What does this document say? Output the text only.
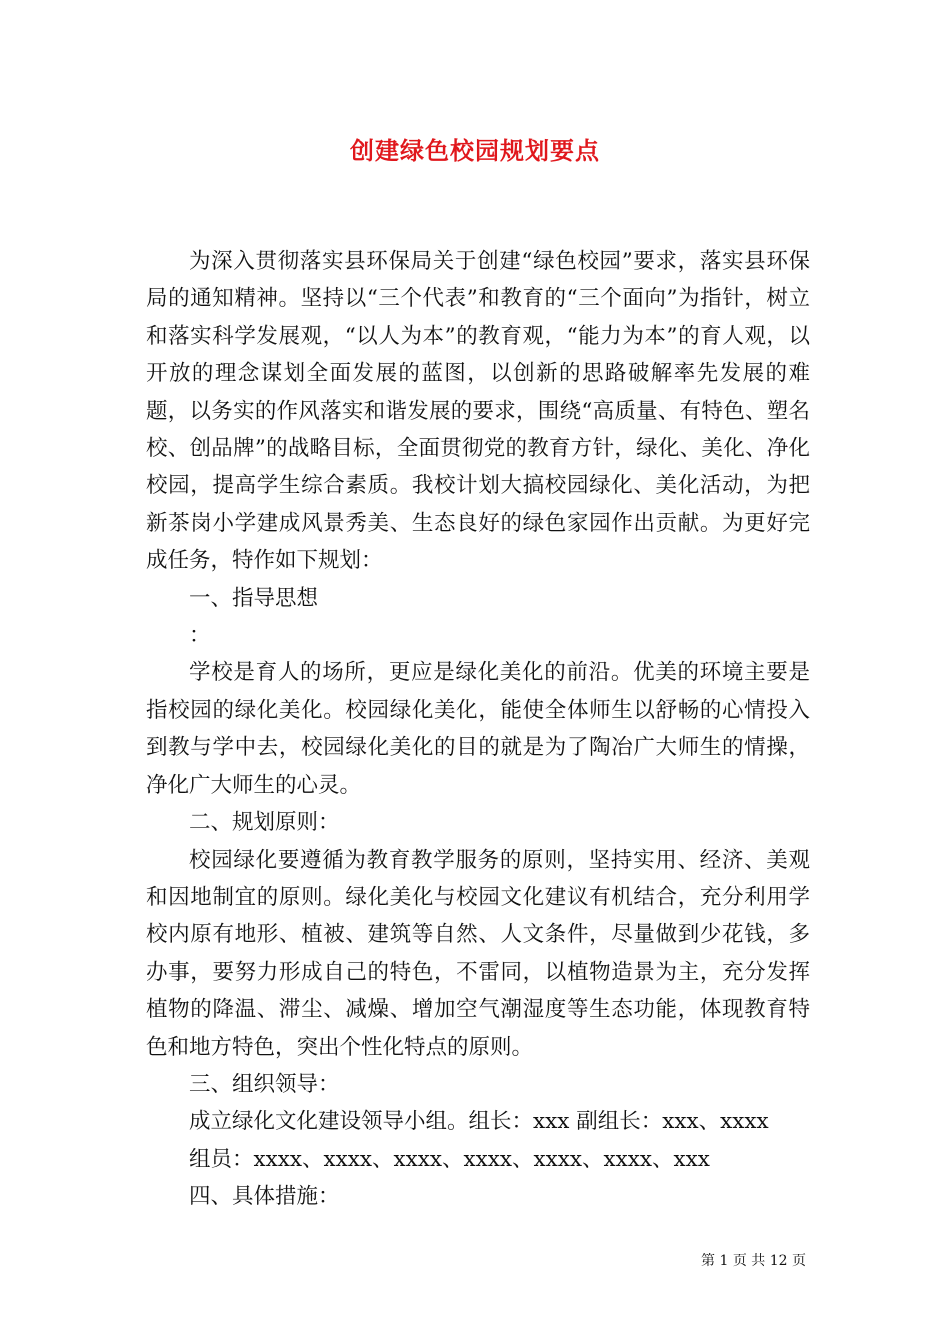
创建绿色校园规划要点

为深入贯彻落实县环保局关于创建“绿色校园”要求，落实县环保局的通知精神。坚持以“三个代表”和教育的“三个面向”为指针，树立和落实科学发展观，“以人为本”的教育观，“能力为本”的育人观，以开放的理念谋划全面发展的蓝图，以创新的思路破解率先发展的难题，以务实的作风落实和谐发展的要求，围绕“高质量、有特色、塑名校、创品牌”的战略目标，全面贯彻党的教育方针，绿化、美化、净化校园，提高学生综合素质。我校计划大搞校园绿化、美化活动，为把新茶岗小学建成风景秀美、生态良好的绿色家园作出贡献。为更好完成任务，特作如下规划：

一、指导思想

：

学校是育人的场所，更应是绿化美化的前沿。优美的环境主要是指校园的绿化美化。校园绿化美化，能使全体师生以舒畅的心情投入到教与学中去，校园绿化美化的目的就是为了陶冶广大师生的情操，净化广大师生的心灵。

二、规划原则：

校园绿化要遵循为教育教学服务的原则，坚持实用、经济、美观和因地制宜的原则。绿化美化与校园文化建议有机结合，充分利用学校内原有地形、植被、建筑等自然、人文条件，尽量做到少花钱，多办事，要努力形成自己的特色，不雷同，以植物造景为主，充分发挥植物的降温、滞尘、减燥、增加空气潮湿度等生态功能，体现教育特色和地方特色，突出个性化特点的原则。

三、组织领导：

成立绿化文化建设领导小组。组长：xxx 副组长：xxx、xxxx

组员：xxxx、xxxx、xxxx、xxxx、xxxx、xxxx、xxx

四、具体措施：

第 1 页 共 12 页
